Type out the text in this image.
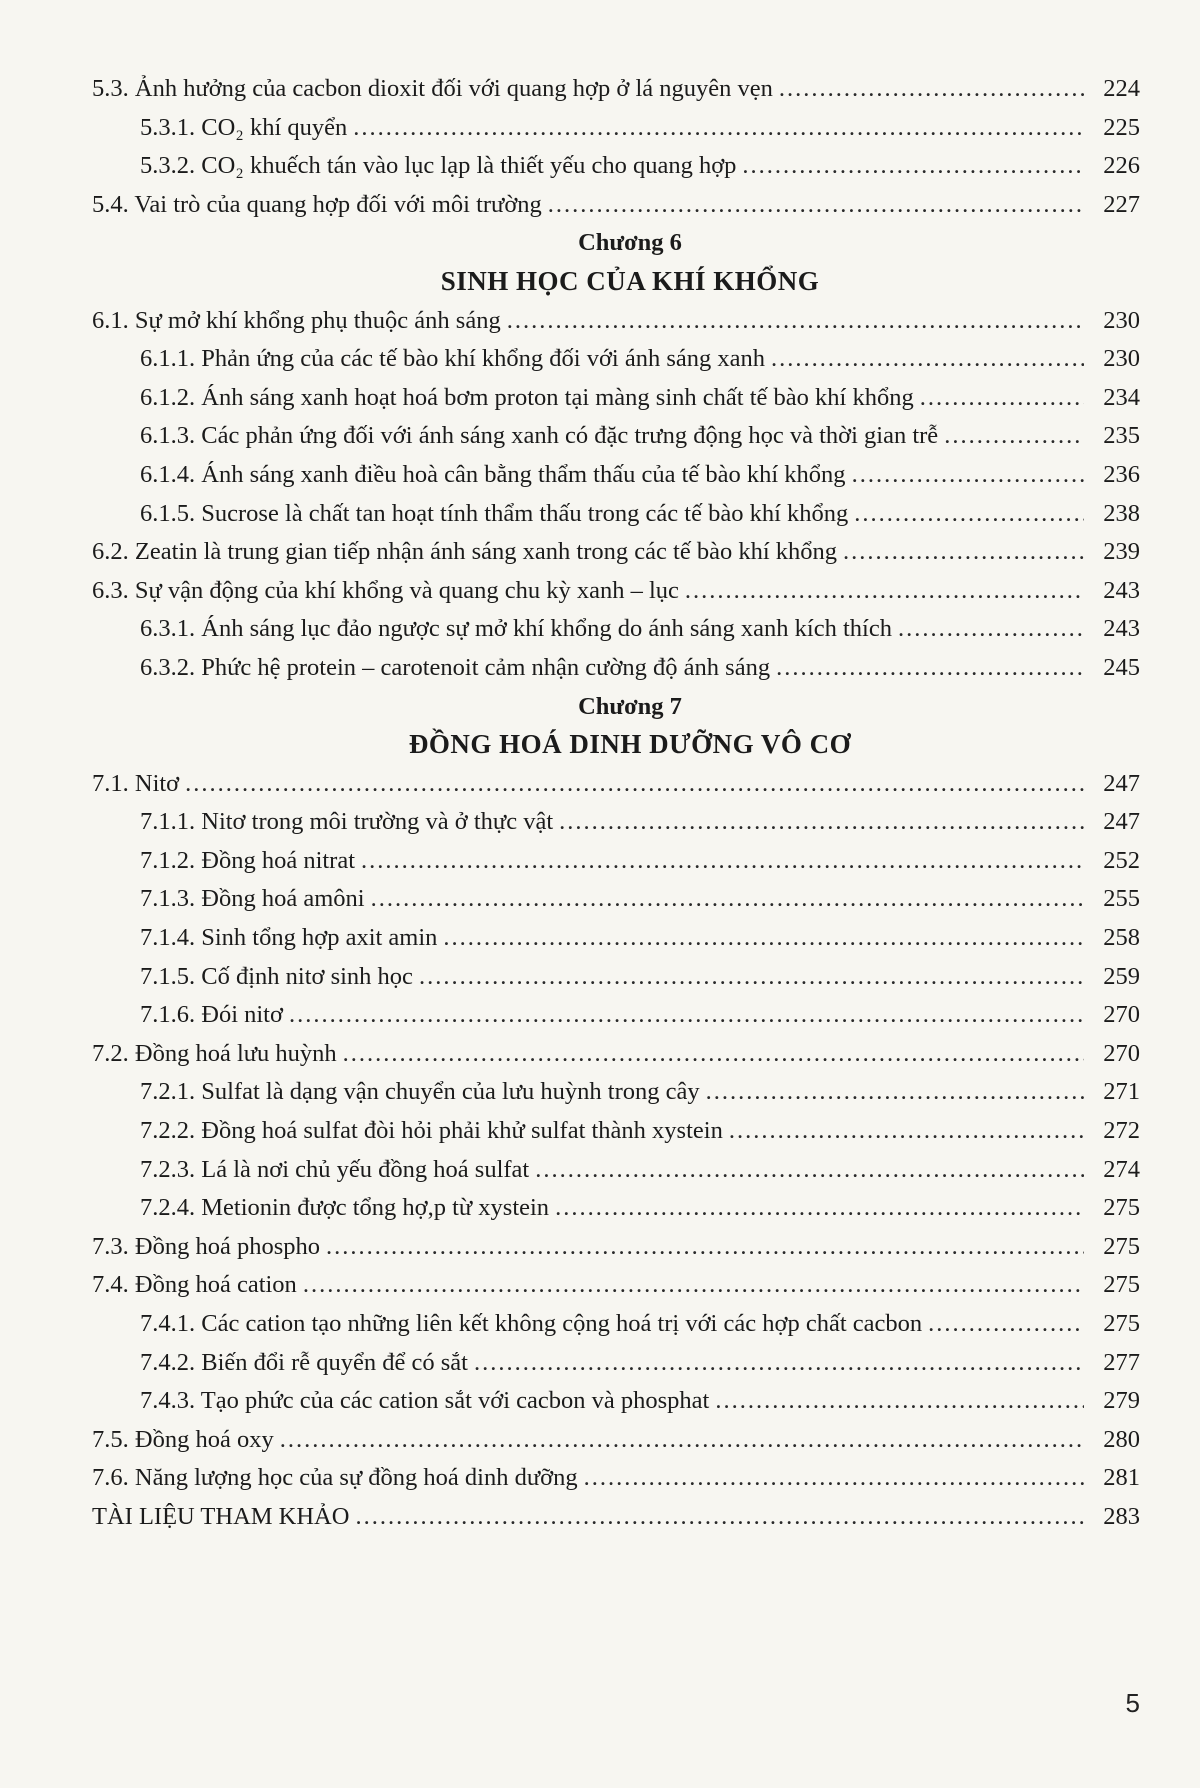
5.3. Ảnh hưởng của cacbon dioxit đối với quang hợp ở lá nguyên vẹn .....	224
5.3.1. CO₂ khí quyển .....	225
5.3.2. CO₂ khuếch tán vào lục lạp là thiết yếu cho quang hợp .....	226
5.4. Vai trò của quang hợp đối với môi trường .....	227
Chương 6
SINH HỌC CỦA KHÍ KHỔNG
6.1. Sự mở khí khổng phụ thuộc ánh sáng .....	230
6.1.1. Phản ứng của các tế bào khí khổng đối với ánh sáng xanh .....	230
6.1.2. Ánh sáng xanh hoạt hoá bơm proton tại màng sinh chất tế bào khí khổng .....	234
6.1.3. Các phản ứng đối với ánh sáng xanh có đặc trưng động học và thời gian trễ .....	235
6.1.4. Ánh sáng xanh điều hoà cân bằng thẩm thấu của tế bào khí khổng .....	236
6.1.5. Sucrose là chất tan hoạt tính thẩm thấu trong các tế bào khí khổng .....	238
6.2. Zeatin là trung gian tiếp nhận ánh sáng xanh trong các tế bào khí khổng .....	239
6.3. Sự vận động của khí khổng và quang chu kỳ xanh – lục .....	243
6.3.1. Ánh sáng lục đảo ngược sự mở khí khổng do ánh sáng xanh kích thích .....	243
6.3.2. Phức hệ protein – carotenoit cảm nhận cường độ ánh sáng .....	245
Chương 7
ĐỒNG HOÁ DINH DƯỠNG VÔ CƠ
7.1. Nitơ .....	247
7.1.1. Nitơ trong môi trường và ở thực vật .....	247
7.1.2. Đồng hoá nitrat .....	252
7.1.3. Đồng hoá amôni .....	255
7.1.4. Sinh tổng hợp axit amin .....	258
7.1.5. Cố định nitơ sinh học .....	259
7.1.6. Đói nitơ .....	270
7.2. Đồng hoá lưu huỳnh .....	270
7.2.1. Sulfat là dạng vận chuyển của lưu huỳnh trong cây .....	271
7.2.2. Đồng hoá sulfat đòi hỏi phải khử sulfat thành xystein .....	272
7.2.3. Lá là nơi chủ yếu đồng hoá sulfat .....	274
7.2.4. Metionin được tổng hợ,p từ xystein .....	275
7.3. Đồng hoá phospho .....	275
7.4. Đồng hoá cation .....	275
7.4.1. Các cation tạo những liên kết không cộng hoá trị với các hợp chất cacbon .....	275
7.4.2. Biến đổi rễ quyển để có sắt .....	277
7.4.3. Tạo phức của các cation sắt với cacbon và phosphat .....	279
7.5. Đồng hoá oxy .....	280
7.6. Năng lượng học của sự đồng hoá dinh dưỡng .....	281
TÀI LIỆU THAM KHẢO .....	283
5
